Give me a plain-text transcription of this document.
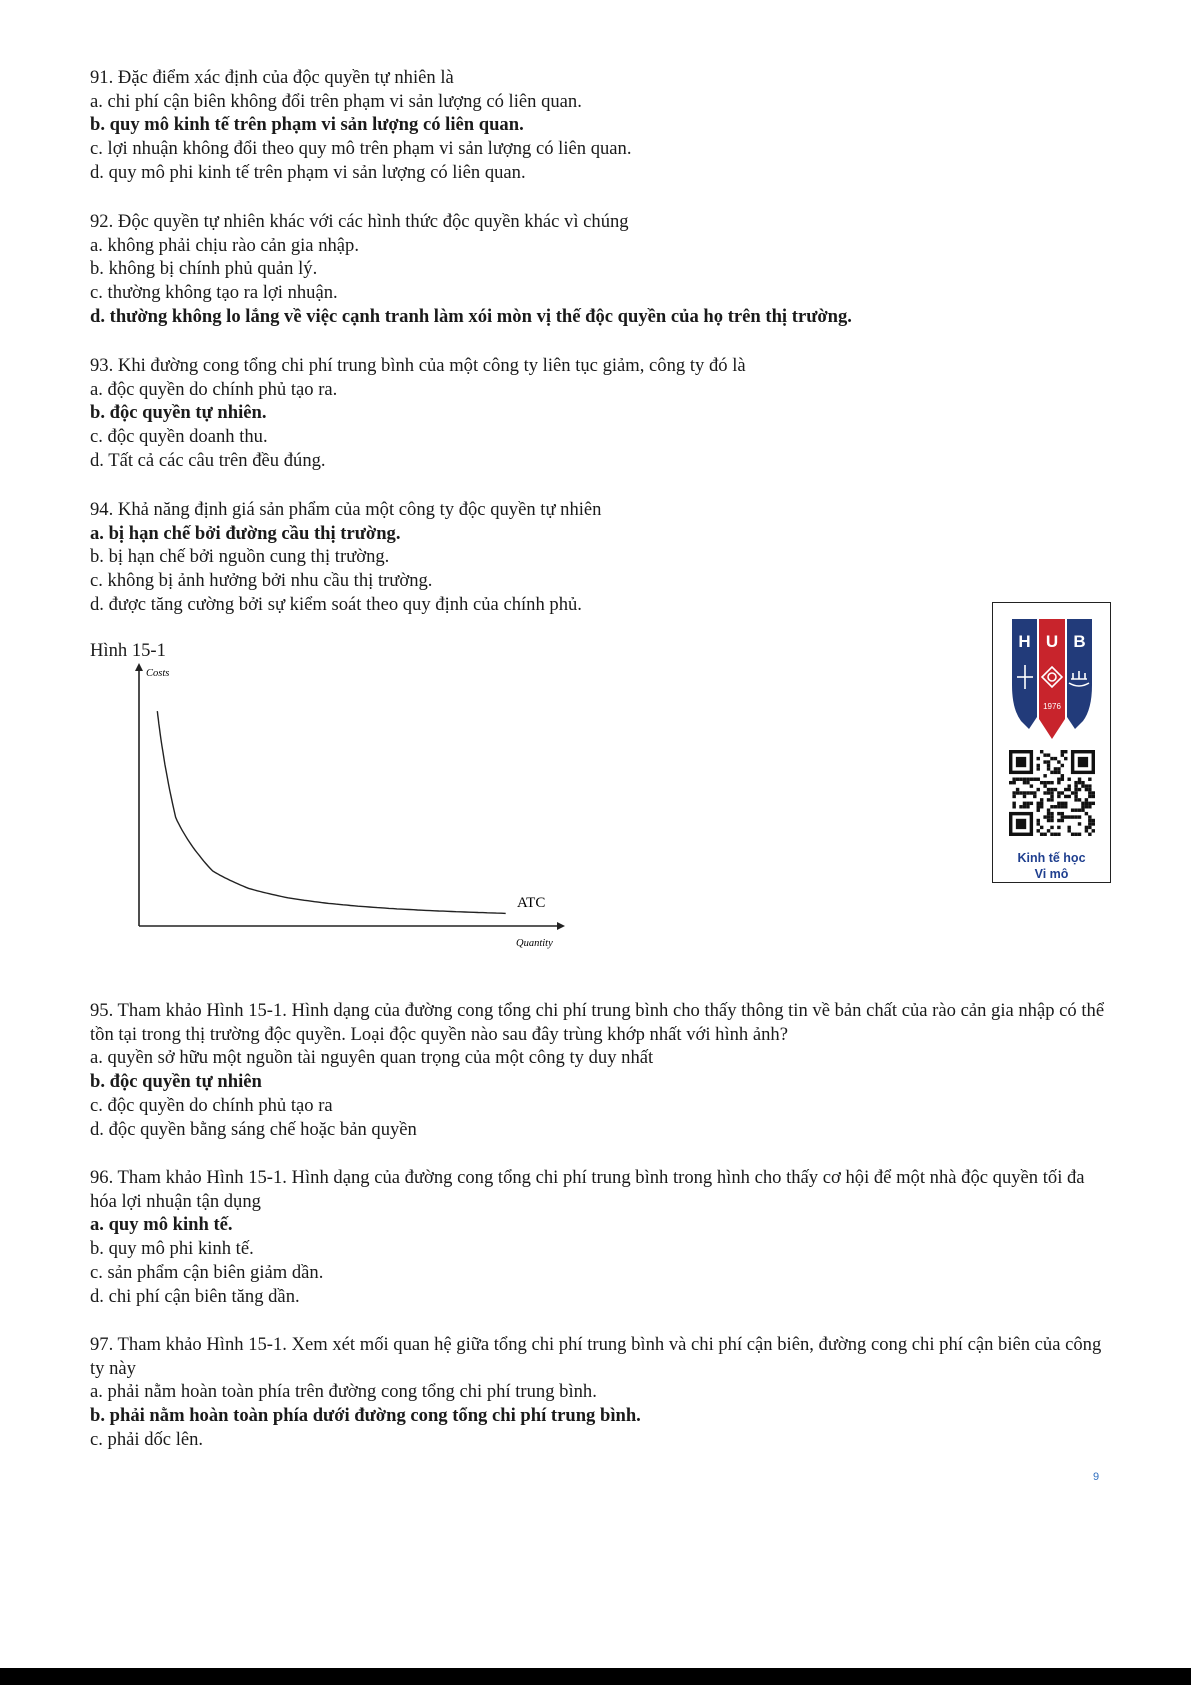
91. Đặc điểm xác định của độc quyền tự nhiên là

a. chi phí cận biên không đổi trên phạm vi sản lượng có liên quan.

b. quy mô kinh tế trên phạm vi sản lượng có liên quan.

c. lợi nhuận không đổi theo quy mô trên phạm vi sản lượng có liên quan.

d. quy mô phi kinh tế trên phạm vi sản lượng có liên quan.

92. Độc quyền tự nhiên khác với các hình thức độc quyền khác vì chúng

a. không phải chịu rào cản gia nhập.

b. không bị chính phủ quản lý.

c. thường không tạo ra lợi nhuận.

d. thường không lo lắng về việc cạnh tranh làm xói mòn vị thế độc quyền của họ trên thị trường.

93. Khi đường cong tổng chi phí trung bình của một công ty liên tục giảm, công ty đó là

a. độc quyền do chính phủ tạo ra.

b. độc quyền tự nhiên.

c. độc quyền doanh thu.

d. Tất cả các câu trên đều đúng.

94. Khả năng định giá sản phẩm của một công ty độc quyền tự nhiên

a. bị hạn chế bởi đường cầu thị trường.

b. bị hạn chế bởi nguồn cung thị trường.

c. không bị ảnh hưởng bởi nhu cầu thị trường.

d. được tăng cường bởi sự kiểm soát theo quy định của chính phủ.

Hình 15-1
Costs
Quantity
ATC
H U B
1976
Kinh tế học
Vi mô

95. Tham khảo Hình 15-1. Hình dạng của đường cong tổng chi phí trung bình cho thấy thông tin về bản chất của rào cản gia nhập có thể tồn tại trong thị trường độc quyền. Loại độc quyền nào sau đây trùng khớp nhất với hình ảnh?

a. quyền sở hữu một nguồn tài nguyên quan trọng của một công ty duy nhất

b. độc quyền tự nhiên

c. độc quyền do chính phủ tạo ra

d. độc quyền bằng sáng chế hoặc bản quyền

96. Tham khảo Hình 15-1. Hình dạng của đường cong tổng chi phí trung bình trong hình cho thấy cơ hội để một nhà độc quyền tối đa hóa lợi nhuận tận dụng

a. quy mô kinh tế.

b. quy mô phi kinh tế.

c. sản phẩm cận biên giảm dần.

d. chi phí cận biên tăng dần.

97. Tham khảo Hình 15-1. Xem xét mối quan hệ giữa tổng chi phí trung bình và chi phí cận biên, đường cong chi phí cận biên của công ty này

a. phải nằm hoàn toàn phía trên đường cong tổng chi phí trung bình.

b. phải nằm hoàn toàn phía dưới đường cong tổng chi phí trung bình.

c. phải dốc lên.

9
